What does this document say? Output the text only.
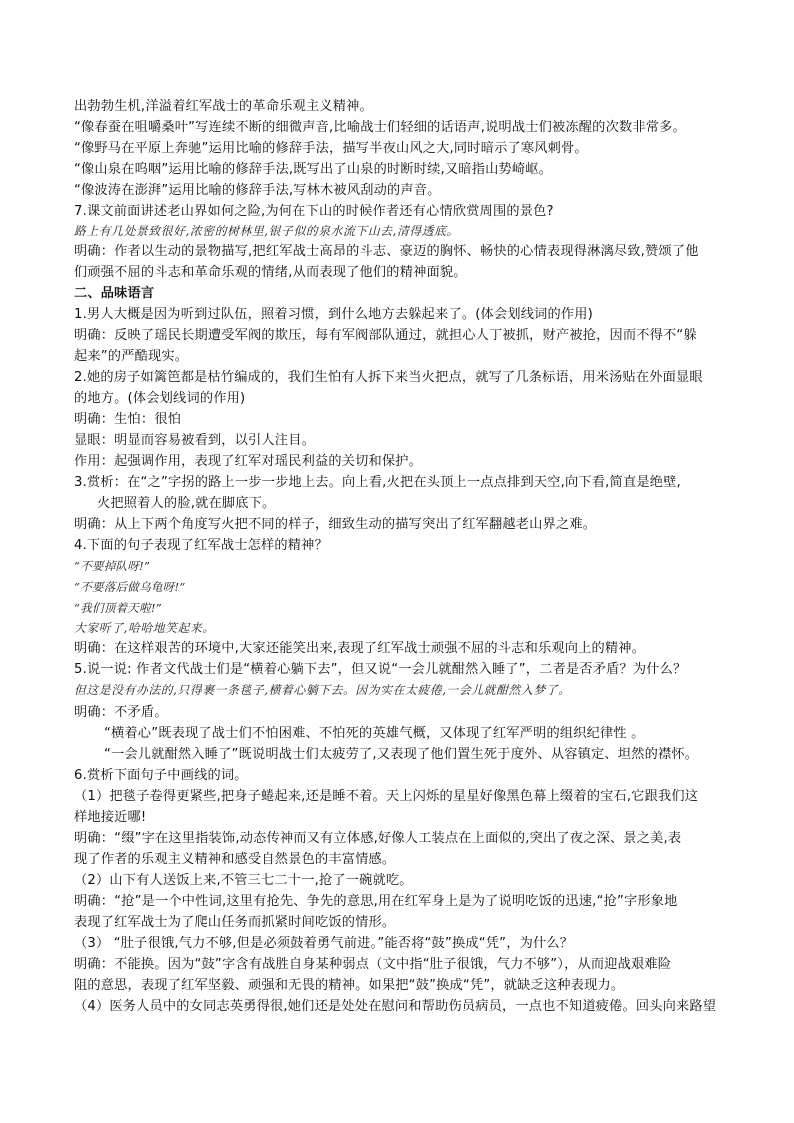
出勃勃生机,洋溢着红军战士的革命乐观主义精神。
“像春蚕在咀嚼桑叶”写连续不断的细微声音,比喻战士们轻细的话语声,说明战士们被冻醒的次数非常多。
“像野马在平原上奔驰”运用比喻的修辞手法，描写半夜山风之大,同时暗示了寒风刺骨。
“像山泉在呜咽”运用比喻的修辞手法,既写出了山泉的时断时续,又暗指山势崎岖。
“像波涛在澎湃”运用比喻的修辞手法,写林木被风刮动的声音。
7.课文前面讲述老山界如何之险,为何在下山的时候作者还有心情欣赏周围的景色?
路上有几处景致很好,浓密的树林里,银子似的泉水流下山去,清得透底。
明确：作者以生动的景物描写,把红军战士高昂的斗志、豪迈的胸怀、畅快的心情表现得淋漓尽致,赞颂了他
们顽强不屈的斗志和革命乐观的情绪,从而表现了他们的精神面貌。
二、品味语言
1.男人大概是因为听到过队伍，照着习惯，到什么地方去躲起来了。(体会划线词的作用)
明确：反映了瑶民长期遭受军阀的欺压，每有军阀部队通过，就担心人丁被抓，财产被抢，因而不得不“躲
起来”的严酷现实。
2.她的房子如篱笆都是枯竹编成的，我们生怕有人拆下来当火把点，就写了几条标语，用米汤贴在外面显眼
的地方。(体会划线词的作用)
明确：生怕：很怕
显眼：明显而容易被看到，以引人注目。
作用：起强调作用，表现了红军对瑶民利益的关切和保护。
3.赏析：在“之”字拐的路上一步一步地上去。向上看,火把在头顶上一点点排到天空,向下看,简直是绝壁,
火把照着人的脸,就在脚底下。
明确：从上下两个角度写火把不同的样子，细致生动的描写突出了红军翻越老山界之难。
4.下面的句子表现了红军战士怎样的精神？
“不要掉队呀!”
“不要落后做乌龟呀!”
“我们顶着天啦!”
大家听了,哈哈地笑起来。
明确：在这样艰苦的环境中,大家还能笑出来,表现了红军战士顽强不屈的斗志和乐观向上的精神。
5.说一说: 作者文代战士们是“横着心躺下去”，但又说“一会儿就酣然入睡了”，二者是否矛盾？为什么？
但这是没有办法的,只得裹一条毯子,横着心躺下去。因为实在太疲倦,一会儿就酣然入梦了。
明确：不矛盾。
“横着心”既表现了战士们不怕困难、不怕死的英雄气概，又体现了红军严明的组织纪律性 。
“一会儿就酣然入睡了”既说明战士们太疲劳了,又表现了他们置生死于度外、从容镇定、坦然的襟怀。
6.赏析下面句子中画线的词。
（1）把毯子卷得更紧些,把身子蜷起来,还是睡不着。天上闪烁的星星好像黑色幕上缀着的宝石,它跟我们这
样地接近哪!
明确：“缀”字在这里指装饰,动态传神而又有立体感,好像人工装点在上面似的,突出了夜之深、景之美,表
现了作者的乐观主义精神和感受自然景色的丰富情感。
（2）山下有人送饭上来,不管三七二十一,抢了一碗就吃。
明确：“抢”是一个中性词,这里有抢先、争先的意思,用在红军身上是为了说明吃饭的迅速,“抢”字形象地
表现了红军战士为了爬山任务而抓紧时间吃饭的情形。
（3） “肚子很饿,气力不够,但是必须鼓着勇气前进。”能否将“鼓”换成“凭”，为什么？
明确：不能换。因为“鼓”字含有战胜自身某种弱点（文中指“肚子很饿，气力不够”），从而迎战艰难险
阻的意思，表现了红军坚毅、顽强和无畏的精神。如果把“鼓”换成“凭”，就缺乏这种表现力。
（4）医务人员中的女同志英勇得很,她们还是处处在慰问和帮助伤员病员，一点也不知道疲倦。回头向来路望
